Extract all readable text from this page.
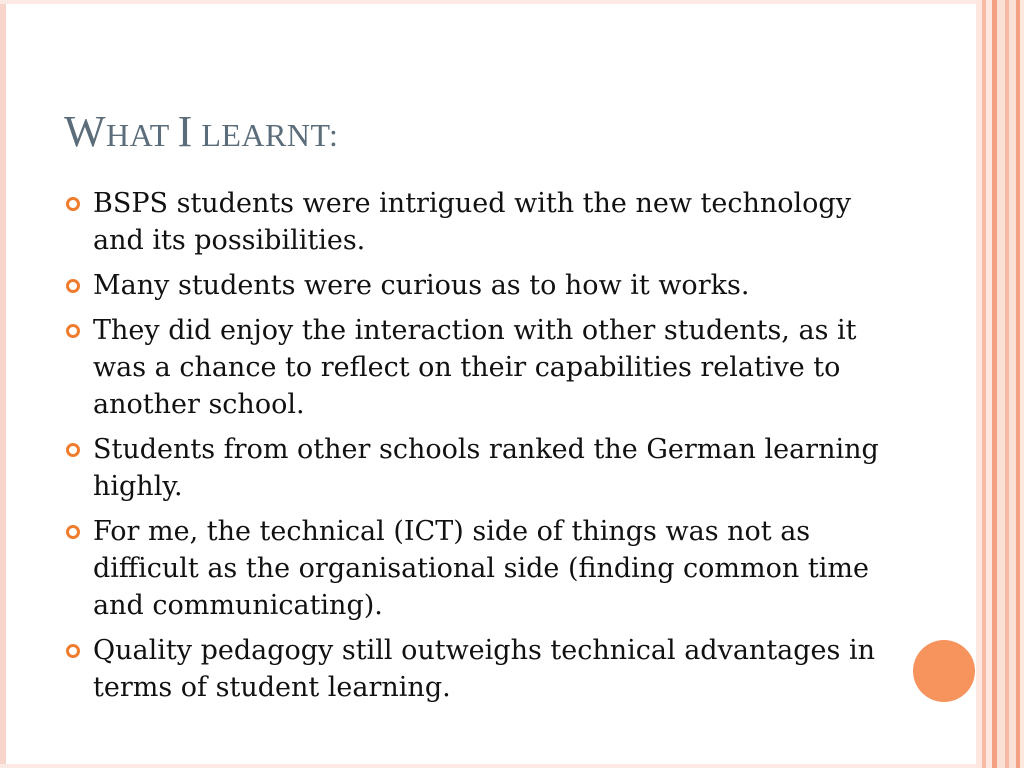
WHAT I LEARNT:
BSPS students were intrigued with the new technology and its possibilities.
Many students were curious as to how it works.
They did enjoy the interaction with other students, as it was a chance to reflect on their capabilities relative to another school.
Students from other schools ranked the German learning highly.
For me, the technical (ICT) side of things was not as difficult as the organisational side (finding common time and communicating).
Quality pedagogy still outweighs technical advantages in terms of student learning.
